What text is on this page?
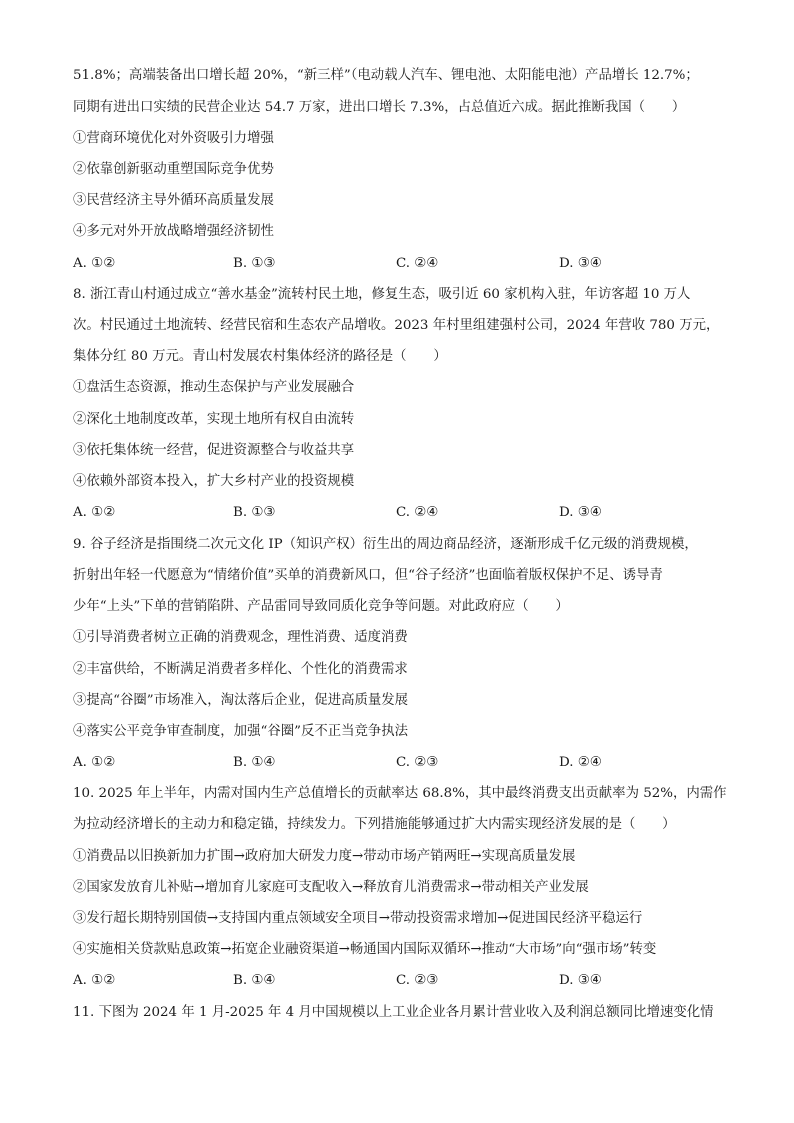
51.8%；高端装备出口增长超 20%，“新三样”（电动载人汽车、锂电池、太阳能电池）产品增长 12.7%；
同期有进出口实绩的民营企业达 54.7 万家，进出口增长 7.3%，占总值近六成。据此推断我国（　　）
①营商环境优化对外资吸引力增强
②依靠创新驱动重塑国际竞争优势
③民营经济主导外循环高质量发展
④多元对外开放战略增强经济韧性
A. ①②	B. ①③	C. ②④	D. ③④
8. 浙江青山村通过成立“善水基金”流转村民土地，修复生态，吸引近 60 家机构入驻，年访客超 10 万人
次。村民通过土地流转、经营民宿和生态农产品增收。2023 年村里组建强村公司，2024 年营收 780 万元，
集体分红 80 万元。青山村发展农村集体经济的路径是（　　）
①盘活生态资源，推动生态保护与产业发展融合
②深化土地制度改革，实现土地所有权自由流转
③依托集体统一经营，促进资源整合与收益共享
④依赖外部资本投入，扩大乡村产业的投资规模
A. ①②	B. ①③	C. ②④	D. ③④
9. 谷子经济是指围绕二次元文化 IP（知识产权）衍生出的周边商品经济，逐渐形成千亿元级的消费规模，
折射出年轻一代愿意为“情绪价值”买单的消费新风口，但“谷子经济”也面临着版权保护不足、诱导青
少年“上头”下单的营销陷阱、产品雷同导致同质化竞争等问题。对此政府应（　　）
①引导消费者树立正确的消费观念，理性消费、适度消费
②丰富供给，不断满足消费者多样化、个性化的消费需求
③提高“谷圈”市场准入，淘汰落后企业，促进高质量发展
④落实公平竞争审查制度，加强“谷圈”反不正当竞争执法
A. ①②	B. ①④	C. ②③	D. ②④
10. 2025 年上半年，内需对国内生产总值增长的贡献率达 68.8%，其中最终消费支出贡献率为 52%，内需作
为拉动经济增长的主动力和稳定锚，持续发力。下列措施能够通过扩大内需实现经济发展的是（　　）
①消费品以旧换新加力扩围→政府加大研发力度→带动市场产销两旺→实现高质量发展
②国家发放育儿补贴→增加育儿家庭可支配收入→释放育儿消费需求→带动相关产业发展
③发行超长期特别国债→支持国内重点领域安全项目→带动投资需求增加→促进国民经济平稳运行
④实施相关贷款贴息政策→拓宽企业融资渠道→畅通国内国际双循环→推动“大市场”向“强市场”转变
A. ①②	B. ①④	C. ②③	D. ③④
11. 下图为 2024 年 1 月-2025 年 4 月中国规模以上工业企业各月累计营业收入及利润总额同比增速变化情
